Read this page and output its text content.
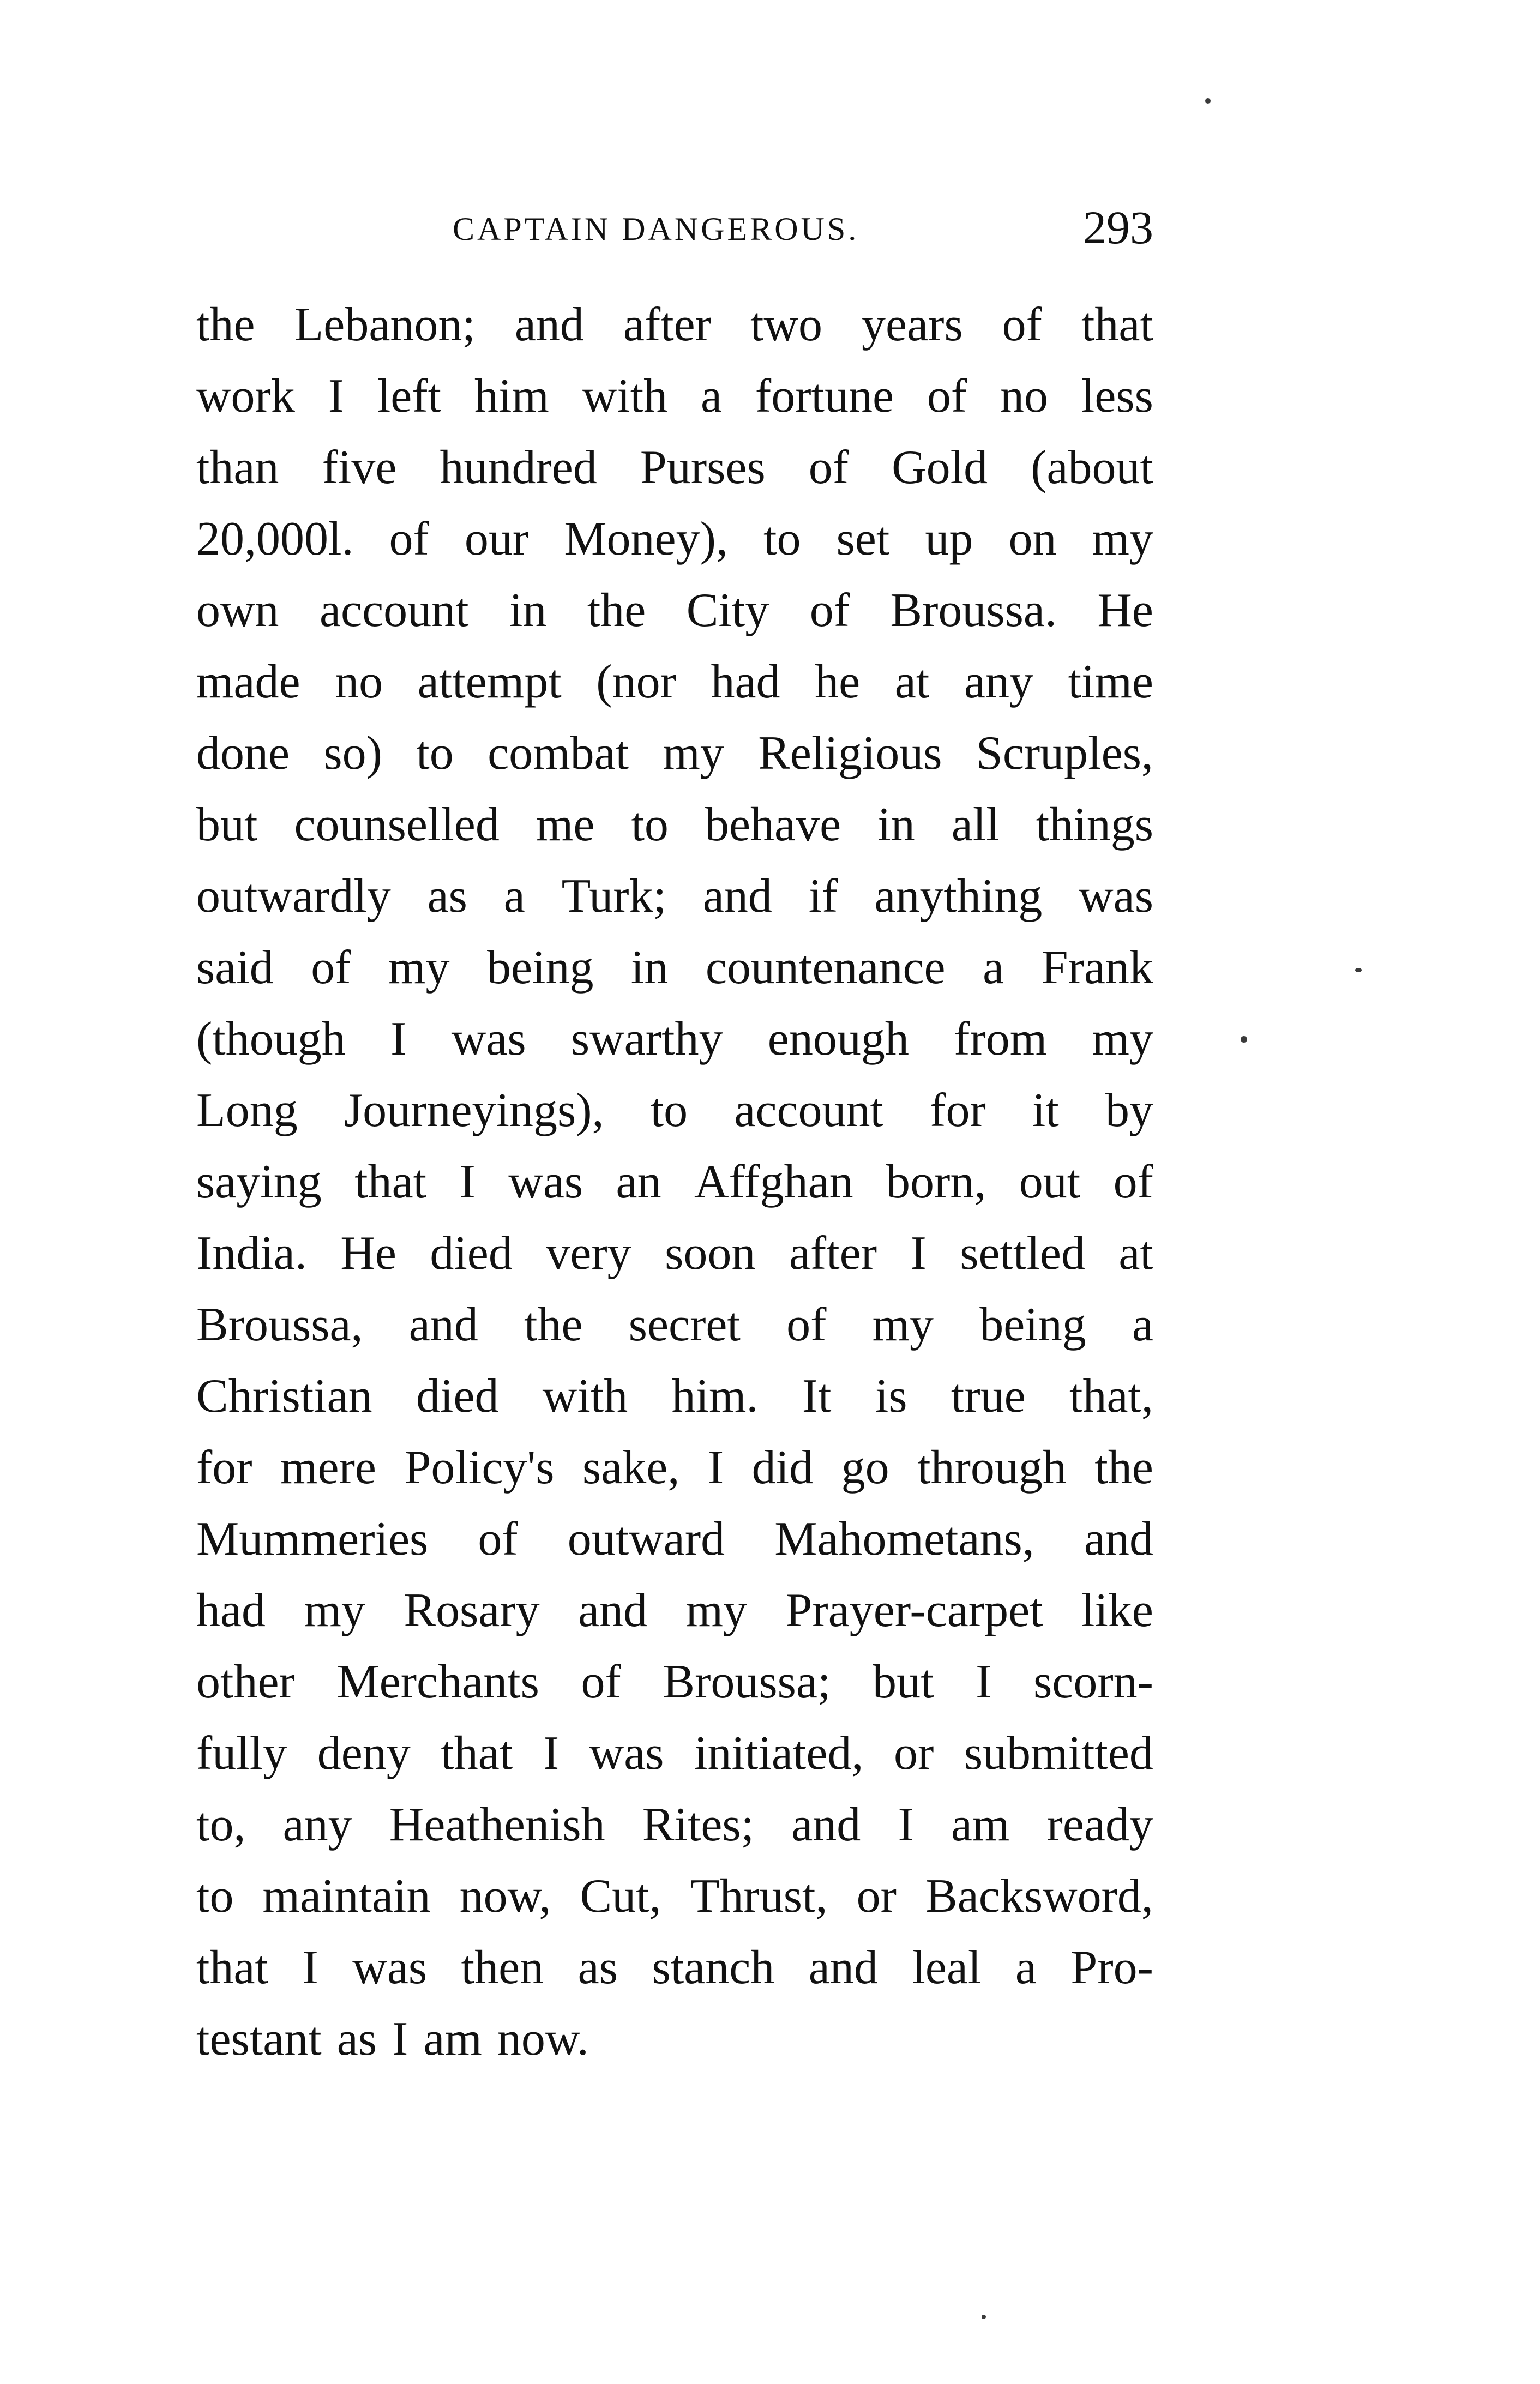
CAPTAIN DANGEROUS.	293
the Lebanon; and after two years of that
work I left him with a fortune of no less
than five hundred Purses of Gold (about
20,000l. of our Money), to set up on my
own account in the City of Broussa. He
made no attempt (nor had he at any time
done so) to combat my Religious Scruples,
but counselled me to behave in all things
outwardly as a Turk; and if anything was
said of my being in countenance a Frank
(though I was swarthy enough from my
Long Journeyings), to account for it by
saying that I was an Affghan born, out of
India. He died very soon after I settled at
Broussa, and the secret of my being a
Christian died with him. It is true that,
for mere Policy's sake, I did go through the
Mummeries of outward Mahometans, and
had my Rosary and my Prayer-carpet like
other Merchants of Broussa; but I scorn-
fully deny that I was initiated, or submitted
to, any Heathenish Rites; and I am ready
to maintain now, Cut, Thrust, or Backsword,
that I was then as stanch and leal a Pro-
testant as I am now.
